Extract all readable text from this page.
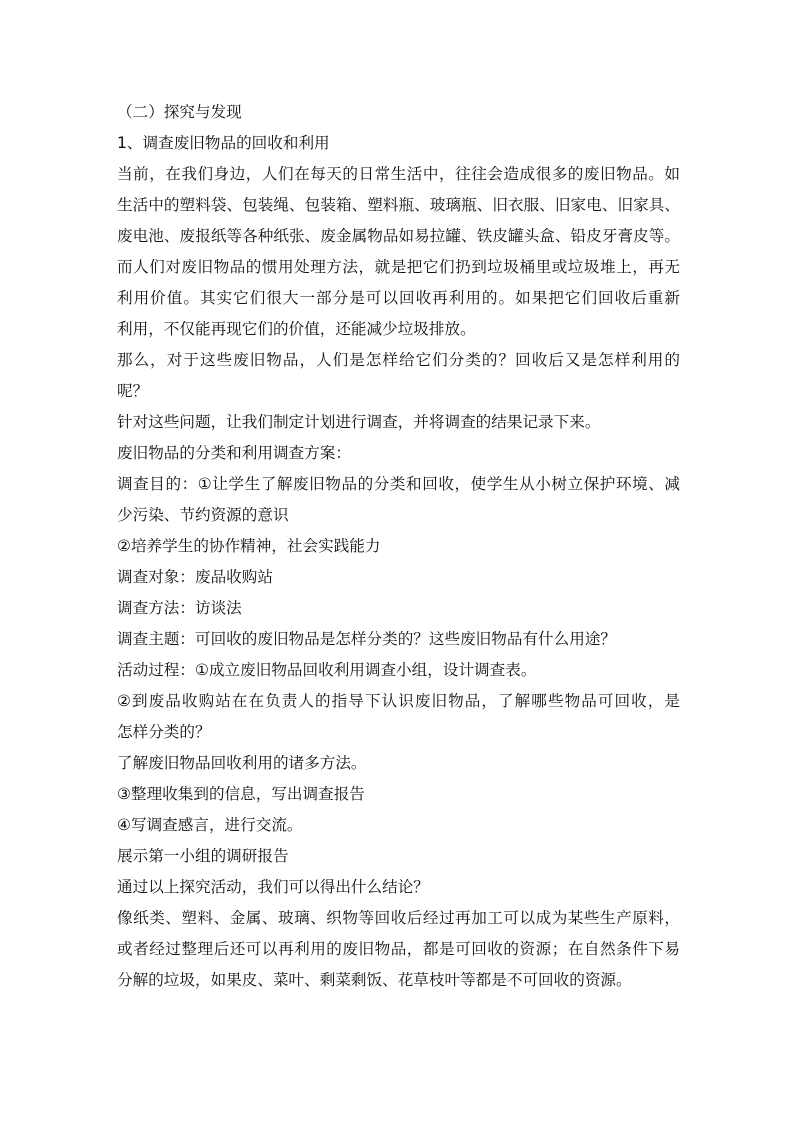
（二）探究与发现
1、调查废旧物品的回收和利用
当前，在我们身边，人们在每天的日常生活中，往往会造成很多的废旧物品。如
生活中的塑料袋、包装绳、包装箱、塑料瓶、玻璃瓶、旧衣服、旧家电、旧家具、
废电池、废报纸等各种纸张、废金属物品如易拉罐、铁皮罐头盒、铅皮牙膏皮等。
而人们对废旧物品的惯用处理方法，就是把它们扔到垃圾桶里或垃圾堆上，再无
利用价值。其实它们很大一部分是可以回收再利用的。如果把它们回收后重新
利用，不仅能再现它们的价值，还能减少垃圾排放。
那么，对于这些废旧物品，人们是怎样给它们分类的？回收后又是怎样利用的
呢？
针对这些问题，让我们制定计划进行调查，并将调查的结果记录下来。
废旧物品的分类和利用调查方案：
调查目的：①让学生了解废旧物品的分类和回收，使学生从小树立保护环境、减
少污染、节约资源的意识
②培养学生的协作精神，社会实践能力
调查对象：废品收购站
调查方法：访谈法
调查主题：可回收的废旧物品是怎样分类的？这些废旧物品有什么用途？
活动过程：①成立废旧物品回收利用调查小组，设计调查表。
②到废品收购站在在负责人的指导下认识废旧物品，了解哪些物品可回收，是
怎样分类的？
了解废旧物品回收利用的诸多方法。
③整理收集到的信息，写出调查报告
④写调查感言，进行交流。
展示第一小组的调研报告
通过以上探究活动，我们可以得出什么结论？
像纸类、塑料、金属、玻璃、织物等回收后经过再加工可以成为某些生产原料，
或者经过整理后还可以再利用的废旧物品，都是可回收的资源；在自然条件下易
分解的垃圾，如果皮、菜叶、剩菜剩饭、花草枝叶等都是不可回收的资源。
